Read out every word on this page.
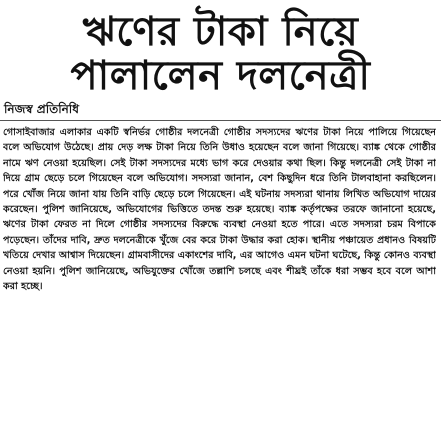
ঋণের টাকা নিয়ে
পালালেন দলনেত্রী
নিজস্ব প্রতিনিধি
গোসাইবাজার এলাকার একটি স্বনির্ভর গোষ্ঠীর দলনেত্রী গোষ্ঠীর সদস্যদের ঋণের টাকা নিয়ে পালিয়ে গিয়েছেন বলে অভিযোগ উঠেছে। প্রায় দেড় লক্ষ টাকা নিয়ে তিনি উধাও হয়েছেন বলে জানা গিয়েছে। ব্যাঙ্ক থেকে গোষ্ঠীর নামে ঋণ নেওয়া হয়েছিল। সেই টাকা সদস্যদের মধ্যে ভাগ করে দেওয়ার কথা ছিল। কিন্তু দলনেত্রী সেই টাকা না দিয়ে গ্রাম ছেড়ে চলে গিয়েছেন বলে অভিযোগ। সদস্যরা জানান, বেশ কিছুদিন ধরে তিনি টালবাহানা করছিলেন। পরে খোঁজ নিয়ে জানা যায় তিনি বাড়ি ছেড়ে চলে গিয়েছেন। এই ঘটনায় সদস্যরা থানায় লিখিত অভিযোগ দায়ের করেছেন। পুলিশ জানিয়েছে, অভিযোগের ভিত্তিতে তদন্ত শুরু হয়েছে। ব্যাঙ্ক কর্তৃপক্ষের তরফে জানানো হয়েছে, ঋণের টাকা ফেরত না দিলে গোষ্ঠীর সদস্যদের বিরুদ্ধে ব্যবস্থা নেওয়া হতে পারে। এতে সদস্যরা চরম বিপাকে পড়েছেন। তাঁদের দাবি, দ্রুত দলনেত্রীকে খুঁজে বের করে টাকা উদ্ধার করা হোক। স্থানীয় পঞ্চায়েত প্রধানও বিষয়টি খতিয়ে দেখার আশ্বাস দিয়েছেন। গ্রামবাসীদের একাংশের দাবি, এর আগেও এমন ঘটনা ঘটেছে, কিন্তু কোনও ব্যবস্থা নেওয়া হয়নি। পুলিশ জানিয়েছে, অভিযুক্তের খোঁজে তল্লাশি চলছে এবং শীঘ্রই তাঁকে ধরা সম্ভব হবে বলে আশা করা হচ্ছে।
